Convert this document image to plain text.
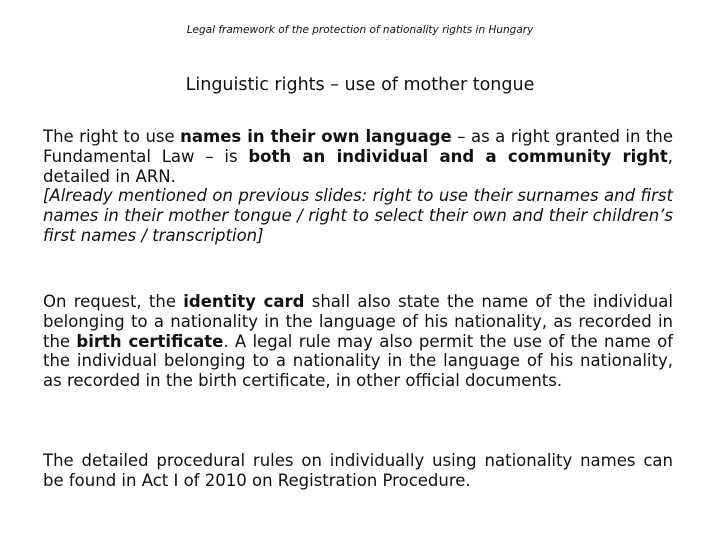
Legal framework of the protection of nationality rights in Hungary
Linguistic rights – use of mother tongue

The right to use names in their own language – as a right granted in the Fundamental Law – is both an individual and a community right, detailed in ARN.

[Already mentioned on previous slides: right to use their surnames and first names in their mother tongue / right to select their own and their children’s first names / transcription]

On request, the identity card shall also state the name of the individual belonging to a nationality in the language of his nationality, as recorded in the birth certificate. A legal rule may also permit the use of the name of the individual belonging to a nationality in the language of his nationality, as recorded in the birth certificate, in other official documents.

The detailed procedural rules on individually using nationality names can be found in Act I of 2010 on Registration Procedure.
